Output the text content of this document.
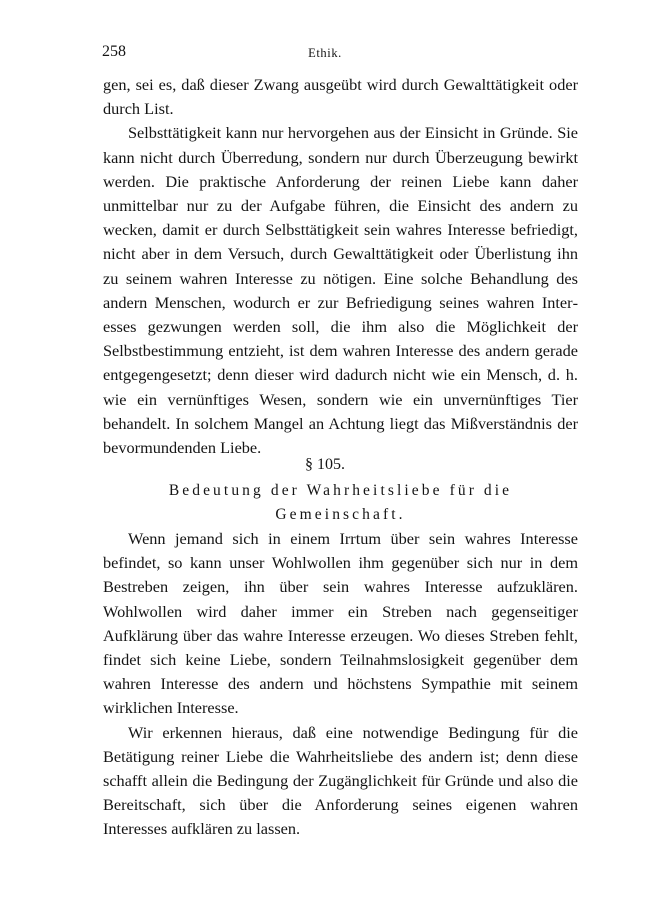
258	Ethik.

gen, sei es, daß dieser Zwang ausgeübt wird durch Gewalttätigkeit oder durch List.

Selbsttätigkeit kann nur hervorgehen aus der Einsicht in Gründe. Sie kann nicht durch Überredung, sondern nur durch Überzeugung bewirkt werden. Die praktische Anforderung der reinen Liebe kann daher unmittelbar nur zu der Aufgabe führen, die Einsicht des andern zu wecken, damit er durch Selbsttätigkeit sein wahres Interesse befriedigt, nicht aber in dem Versuch, durch Gewalttätigkeit oder Überlistung ihn zu seinem wahren Interesse zu nötigen. Eine solche Behandlung des andern Menschen, wodurch er zur Befriedigung seines wahren Interesses gezwungen werden soll, die ihm also die Möglichkeit der Selbstbestimmung entzieht, ist dem wahren Interesse des andern gerade entgegengesetzt; denn dieser wird dadurch nicht wie ein Mensch, d. h. wie ein vernünftiges Wesen, sondern wie ein unvernünftiges Tier behandelt. In solchem Mangel an Achtung liegt das Mißverständnis der bevormundenden Liebe.

§ 105.
Bedeutung der Wahrheitsliebe für die Gemeinschaft.

Wenn jemand sich in einem Irrtum über sein wahres Interesse befindet, so kann unser Wohlwollen ihm gegenüber sich nur in dem Bestreben zeigen, ihn über sein wahres Interesse aufzuklären. Wohlwollen wird daher immer ein Streben nach gegenseitiger Aufklärung über das wahre Interesse erzeugen. Wo dieses Streben fehlt, findet sich keine Liebe, sondern Teilnahmslosigkeit gegenüber dem wahren Interesse des andern und höchstens Sympathie mit seinem wirklichen Interesse.

Wir erkennen hieraus, daß eine notwendige Bedingung für die Betätigung reiner Liebe die Wahrheitsliebe des andern ist; denn diese schafft allein die Bedingung der Zugänglichkeit für Gründe und also die Bereitschaft, sich über die Anforderung seines eigenen wahren Interesses aufklären zu lassen.
